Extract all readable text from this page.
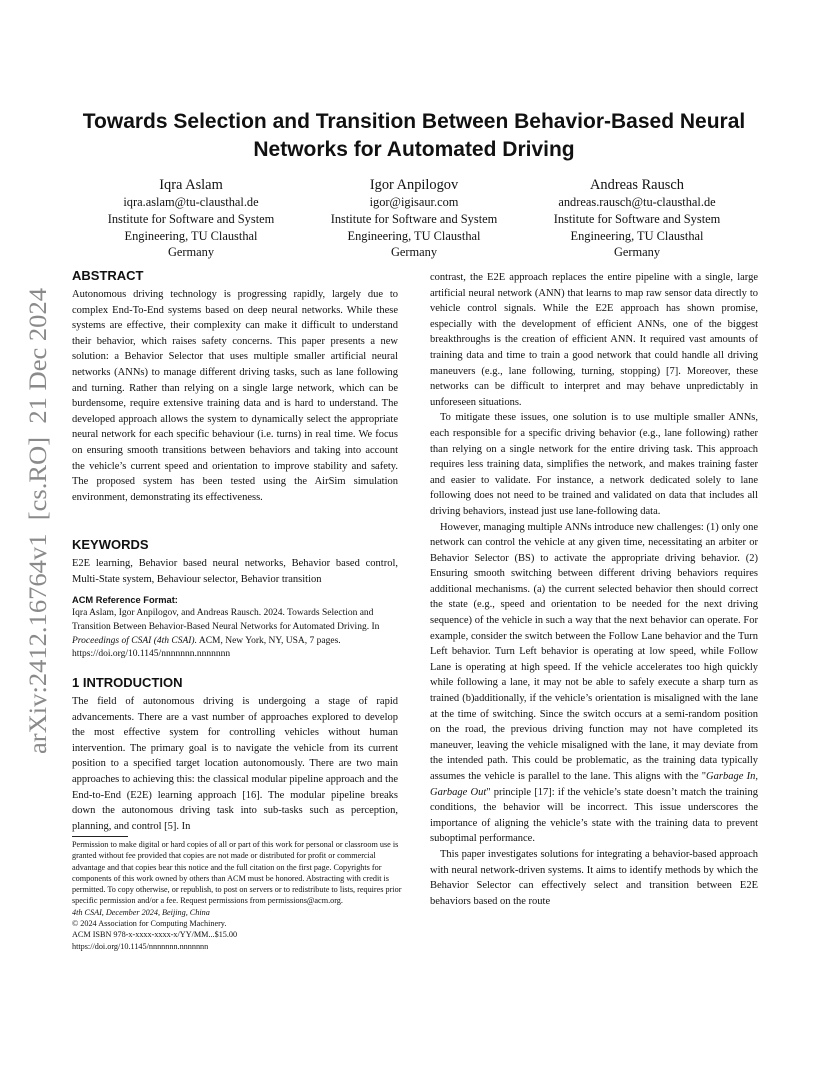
Towards Selection and Transition Between Behavior-Based Neural Networks for Automated Driving
Iqra Aslam
iqra.aslam@tu-clausthal.de
Institute for Software and System
Engineering, TU Clausthal
Germany
Igor Anpilogov
igor@igisaur.com
Institute for Software and System
Engineering, TU Clausthal
Germany
Andreas Rausch
andreas.rausch@tu-clausthal.de
Institute for Software and System
Engineering, TU Clausthal
Germany
arXiv:2412.16764v1  [cs.RO]  21 Dec 2024
ABSTRACT

Autonomous driving technology is progressing rapidly, largely due to complex End-To-End systems based on deep neural networks. While these systems are effective, their complexity can make it difficult to understand their behavior, which raises safety concerns. This paper presents a new solution: a Behavior Selector that uses multiple smaller artificial neural networks (ANNs) to manage different driving tasks, such as lane following and turning. Rather than relying on a single large network, which can be burdensome, require extensive training data and is hard to understand. The developed approach allows the system to dynamically select the appropriate neural network for each specific behaviour (i.e. turns) in real time. We focus on ensuring smooth transitions between behaviors and taking into account the vehicle’s current speed and orientation to improve stability and safety. The proposed system has been tested using the AirSim simulation environment, demonstrating its effectiveness.

KEYWORDS

E2E learning, Behavior based neural networks, Behavior based control, Multi-State system, Behaviour selector, Behavior transition

ACM Reference Format:
Iqra Aslam, Igor Anpilogov, and Andreas Rausch. 2024. Towards Selection and Transition Between Behavior-Based Neural Networks for Automated Driving. In Proceedings of CSAI (4th CSAI). ACM, New York, NY, USA, 7 pages. https://doi.org/10.1145/nnnnnnn.nnnnnnn
1 INTRODUCTION

The field of autonomous driving is undergoing a stage of rapid advancements. There are a vast number of approaches explored to develop the most effective system for controlling vehicles without human intervention. The primary goal is to navigate the vehicle from its current position to a specified target location autonomously. There are two main approaches to achieving this: the classical modular pipeline approach and the End-to-End (E2E) learning approach [16]. The modular pipeline breaks down the autonomous driving task into sub-tasks such as perception, planning, and control [5]. In

Permission to make digital or hard copies of all or part of this work for personal or classroom use is granted without fee provided that copies are not made or distributed for profit or commercial advantage and that copies bear this notice and the full citation on the first page. Copyrights for components of this work owned by others than ACM must be honored. Abstracting with credit is permitted. To copy otherwise, or republish, to post on servers or to redistribute to lists, requires prior specific permission and/or a fee. Request permissions from permissions@acm.org.
4th CSAI, December 2024, Beijing, China
© 2024 Association for Computing Machinery.
ACM ISBN 978-x-xxxx-xxxx-x/YY/MM...$15.00
https://doi.org/10.1145/nnnnnnn.nnnnnnn

contrast, the E2E approach replaces the entire pipeline with a single, large artificial neural network (ANN) that learns to map raw sensor data directly to vehicle control signals. While the E2E approach has shown promise, especially with the development of efficient ANNs, one of the biggest breakthroughs is the creation of efficient ANN. It required vast amounts of training data and time to train a good network that could handle all driving maneuvers (e.g., lane following, turning, stopping) [7]. Moreover, these networks can be difficult to interpret and may behave unpredictably in unforeseen situations.

To mitigate these issues, one solution is to use multiple smaller ANNs, each responsible for a specific driving behavior (e.g., lane following) rather than relying on a single network for the entire driving task. This approach requires less training data, simplifies the network, and makes training faster and easier to validate. For instance, a network dedicated solely to lane following does not need to be trained and validated on data that includes all driving behaviors, instead just use lane-following data.

However, managing multiple ANNs introduce new challenges: (1) only one network can control the vehicle at any given time, necessitating an arbiter or Behavior Selector (BS) to activate the appropriate driving behavior. (2) Ensuring smooth switching between different driving behaviors requires additional mechanisms. (a) the current selected behavior then should correct the state (e.g., speed and orientation to be needed for the next driving sequence) of the vehicle in such a way that the next behavior can operate. For example, consider the switch between the Follow Lane behavior and the Turn Left behavior. Turn Left behavior is operating at low speed, while Follow Lane is operating at high speed. If the vehicle accelerates too high quickly while following a lane, it may not be able to safely execute a sharp turn as trained (b)additionally, if the vehicle’s orientation is misaligned with the lane at the time of switching. Since the switch occurs at a semi-random position on the road, the previous driving function may not have completed its maneuver, leaving the vehicle misaligned with the lane, it may deviate from the intended path. This could be problematic, as the training data typically assumes the vehicle is parallel to the lane. This aligns with the "Garbage In, Garbage Out" principle [17]: if the vehicle’s state doesn’t match the training conditions, the behavior will be incorrect. This issue underscores the importance of aligning the vehicle’s state with the training data to prevent suboptimal performance.

This paper investigates solutions for integrating a behavior-based approach with neural network-driven systems. It aims to identify methods by which the Behavior Selector can effectively select and transition between E2E behaviors based on the route
